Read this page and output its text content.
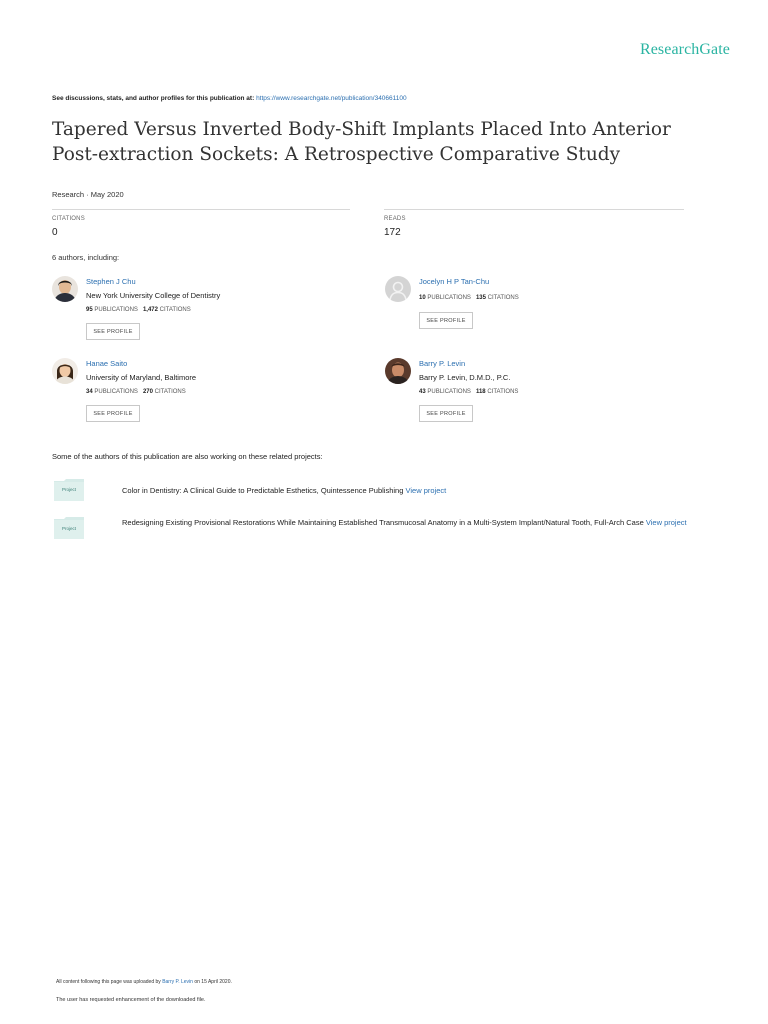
ResearchGate
See discussions, stats, and author profiles for this publication at: https://www.researchgate.net/publication/340661100
Tapered Versus Inverted Body-Shift Implants Placed Into Anterior Post-extraction Sockets: A Retrospective Comparative Study
Research · May 2020
CITATIONS
0
READS
172
6 authors, including:
Stephen J Chu
New York University College of Dentistry
95 PUBLICATIONS 1,472 CITATIONS
SEE PROFILE
Jocelyn H P Tan-Chu
10 PUBLICATIONS 135 CITATIONS
SEE PROFILE
Hanae Saito
University of Maryland, Baltimore
34 PUBLICATIONS 270 CITATIONS
SEE PROFILE
Barry P. Levin
Barry P. Levin, D.M.D., P.C.
43 PUBLICATIONS 118 CITATIONS
SEE PROFILE
Some of the authors of this publication are also working on these related projects:
Project	Color in Dentistry: A Clinical Guide to Predictable Esthetics, Quintessence Publishing View project
Project
Redesigning Existing Provisional Restorations While Maintaining Established Transmucosal Anatomy in a Multi-System Implant/Natural Tooth, Full-Arch Case View project
All content following this page was uploaded by Barry P. Levin on 15 April 2020.
The user has requested enhancement of the downloaded file.
